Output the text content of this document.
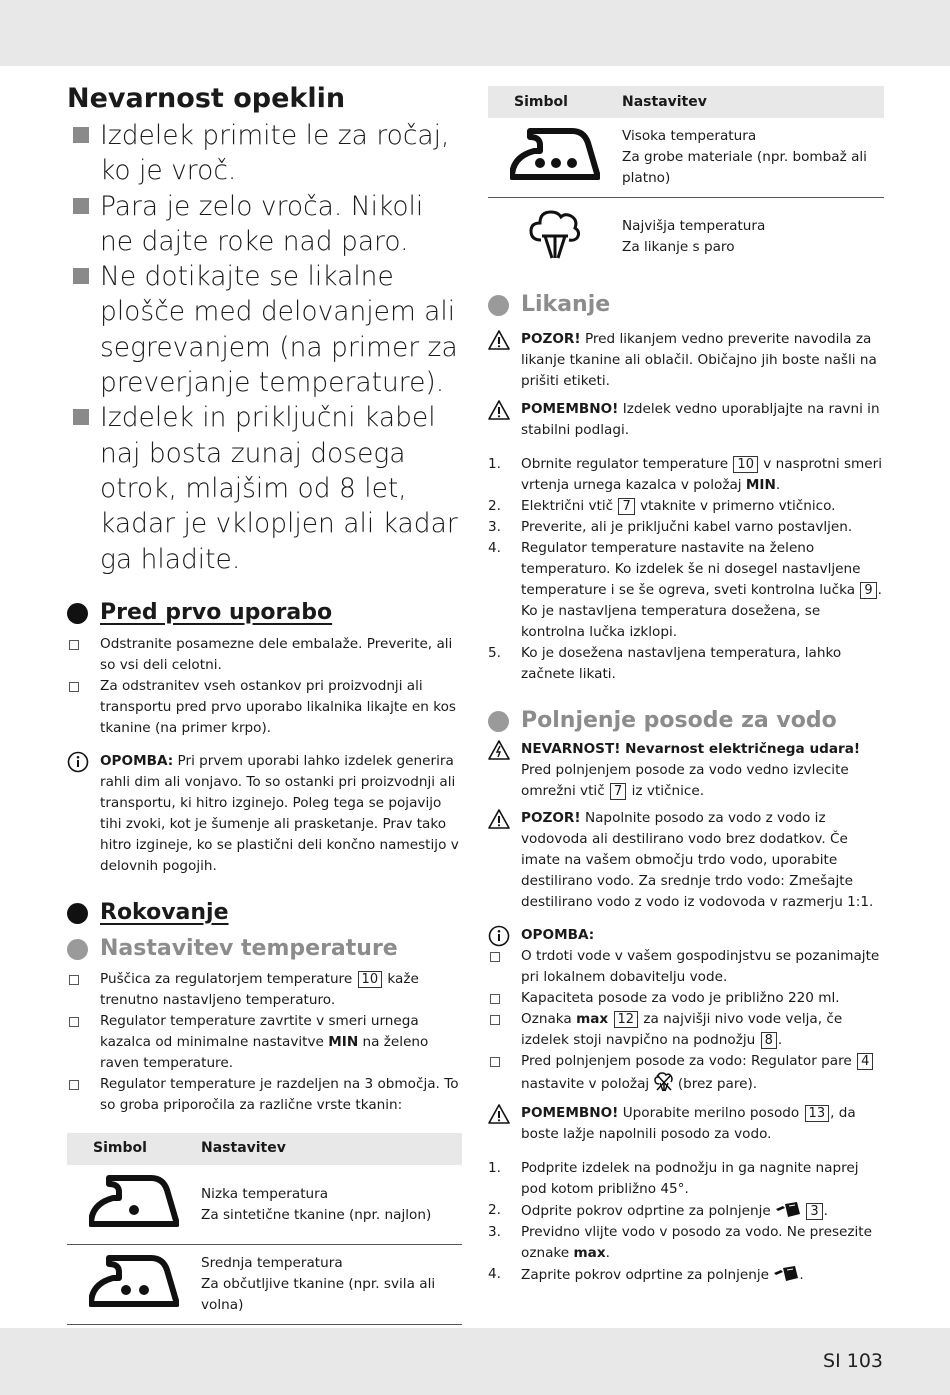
Nevarnost opeklin
Izdelek primite le za ročaj, ko je vroč.
Para je zelo vroča. Nikoli ne dajte roke nad paro.
Ne dotikajte se likalne plošče med delovanjem ali segrevanjem (na primer za preverjanje temperature).
Izdelek in priključni kabel naj bosta zunaj dosega otrok, mlajšim od 8 let, kadar je vklopljen ali kadar ga hladite.
Pred prvo uporabo
Odstranite posamezne dele embalaže. Preverite, ali so vsi deli celotni.
Za odstranitev vseh ostankov pri proizvodnji ali transportu pred prvo uporabo likalnika likajte en kos tkanine (na primer krpo).
OPOMBA: Pri prvem uporabi lahko izdelek generira rahli dim ali vonjavo. To so ostanki pri proizvodnji ali transportu, ki hitro izginejo. Poleg tega se pojavijo tihi zvoki, kot je šumenje ali prasketanje. Prav tako hitro izgineje, ko se plastični deli končno namestijo v delovnih pogojih.
Rokovanje
Nastavitev temperature
Puščica za regulatorjem temperature 10 kaže trenutno nastavljeno temperaturo.
Regulator temperature zavrtite v smeri urnega kazalca od minimalne nastavitve MIN na želeno raven temperature.
Regulator temperature je razdeljen na 3 območja. To so groba priporočila za različne vrste tkanin:
Simbol	Nastavitev

Nizka temperatura
Za sintetične tkanine (npr. najlon)

Srednja temperatura
Za občutljive tkanine (npr. svila ali volna)
Simbol	Nastavitev

Visoka temperatura
Za grobe materiale (npr. bombaž ali platno)

Najvišja temperatura
Za likanje s paro
Likanje
POZOR! Pred likanjem vedno preverite navodila za likanje tkanine ali oblačil. Običajno jih boste našli na prišiti etiketi.
POMEMBNO! Izdelek vedno uporabljajte na ravni in stabilni podlagi.
1. Obrnite regulator temperature 10 v nasprotni smeri vrtenja urnega kazalca v položaj MIN.
2. Električni vtič 7 vtaknite v primerno vtičnico.
3. Preverite, ali je priključni kabel varno postavljen.
4. Regulator temperature nastavite na želeno temperaturo. Ko izdelek še ni dosegel nastavljene temperature i se še ogreva, sveti kontrolna lučka 9 . Ko je nastavljena temperatura dosežena, se kontrolna lučka izklopi.
5. Ko je dosežena nastavljena temperatura, lahko začnete likati.
Polnjenje posode za vodo
NEVARNOST! Nevarnost električnega udara!
Pred polnjenjem posode za vodo vedno izvlecite omrežni vtič 7 iz vtičnice.
POZOR! Napolnite posodo za vodo z vodo iz vodovoda ali destilirano vodo brez dodatkov. Če imate na vašem območju trdo vodo, uporabite destilirano vodo. Za srednje trdo vodo: Zmešajte destilirano vodo z vodo iz vodovoda v razmerju 1:1.
OPOMBA:
O trdoti vode v vašem gospodinjstvu se pozanimajte pri lokalnem dobavitelju vode.
Kapaciteta posode za vodo je približno 220 ml.
Oznaka max 12 za najvišji nivo vode velja, če izdelek stoji navpično na podnožju 8 .
Pred polnjenjem posode za vodo: Regulator pare 4 nastavite v položaj (brez pare).
POMEMBNO! Uporabite merilno posodo 13 , da boste lažje napolnili posodo za vodo.
1. Podprite izdelek na podnožju in ga nagnite naprej pod kotom približno 45°.
2. Odprite pokrov odprtine za polnjenje	3 .
3. Previdno vlijte vodo v posodo za vodo. Ne presezite oznake max.
4. Zaprite pokrov odprtine za polnjenje .
SI 103
